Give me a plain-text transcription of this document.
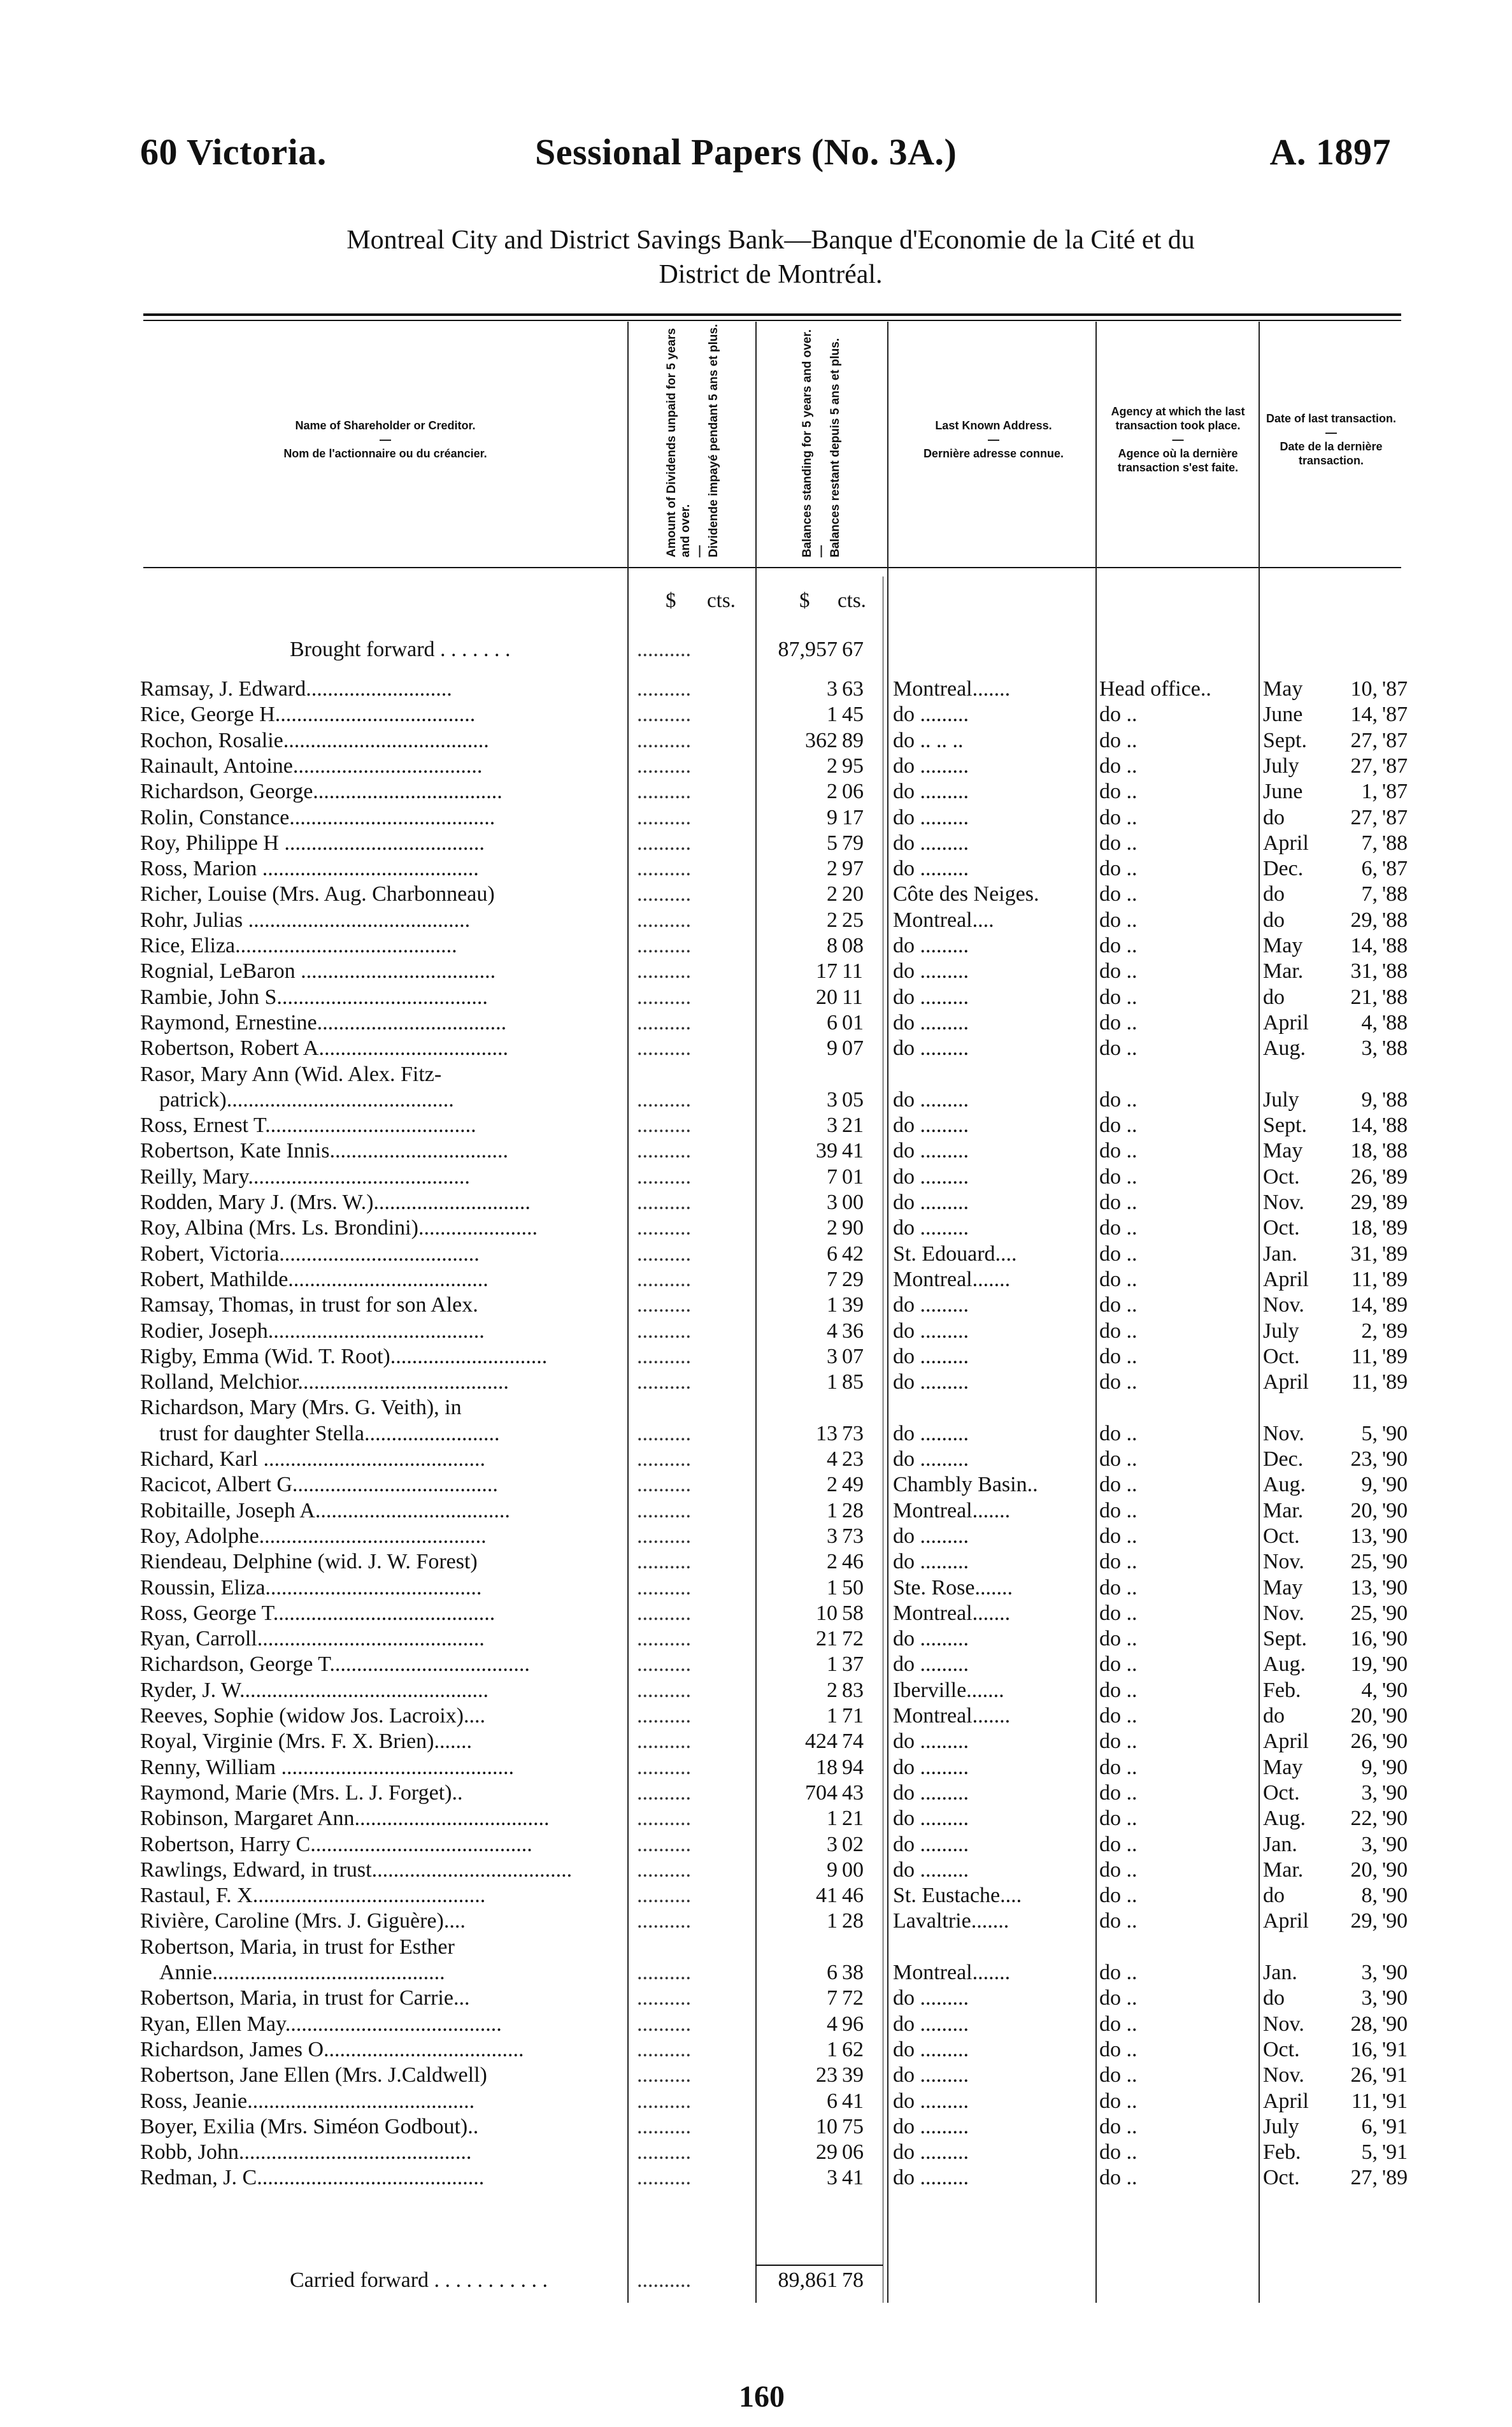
60 Victoria.	Sessional Papers (No. 3A.)	A. 1897
Montreal City and District Savings Bank—Banque d'Economie de la Cité et du
District de Montréal.
Name of Shareholder or Creditor.
—
Nom de l'actionnaire ou du créancier.
Amount of Dividends unpaid for 5 years and over.
—
Dividende impayé pendant 5 ans et plus.
Balances standing for 5 years and over.
—
Balances restant depuis 5 ans et plus.
Last Known Address.
—
Dernière adresse connue.
Agency at which the last transaction took place.
—
Agence où la dernière transaction s'est faite.
Date of last transaction.
—
Date de la dernière transaction.
$ cts.	$ cts.
Brought forward . . . . . . .	..........	87,957 67
Ramsay, J. Edward...........................	..........	3 63	Montreal.......	Head office..	May	10, '87
Rice, George H.....................................	..........	1 45	do .........	do ..	June	14, '87
Rochon, Rosalie......................................	..........	362 89	do .. .. ..	do ..	Sept.	27, '87
Rainault, Antoine...................................	..........	2 95	do .........	do ..	July	27, '87
Richardson, George...................................	..........	2 06	do .........	do ..	June	1, '87
Rolin, Constance......................................	..........	9 17	do .........	do ..	do	27, '87
Roy, Philippe H .....................................	..........	5 79	do .........	do ..	April	7, '88
Ross, Marion ........................................	..........	2 97	do .........	do ..	Dec.	6, '87
Richer, Louise (Mrs. Aug. Charbonneau)	..........	2 20	Côte des Neiges.	do ..	do	7, '88
Rohr, Julias .........................................	..........	2 25	Montreal....	do ..	do	29, '88
Rice, Eliza.........................................	..........	8 08	do .........	do ..	May	14, '88
Rognial, LeBaron ....................................	..........	17 11	do .........	do ..	Mar.	31, '88
Rambie, John S.......................................	..........	20 11	do .........	do ..	do	21, '88
Raymond, Ernestine...................................	..........	6 01	do .........	do ..	April	4, '88
Robertson, Robert A...................................	..........	9 07	do .........	do ..	Aug.	3, '88
Rasor, Mary Ann (Wid. Alex. Fitz-
patrick)..........................................	..........	3 05	do .........	do ..	July	9, '88
Ross, Ernest T.......................................	..........	3 21	do .........	do ..	Sept.	14, '88
Robertson, Kate Innis.................................	..........	39 41	do .........	do ..	May	18, '88
Reilly, Mary.........................................	..........	7 01	do .........	do ..	Oct.	26, '89
Rodden, Mary J. (Mrs. W.).............................	..........	3 00	do .........	do ..	Nov.	29, '89
Roy, Albina (Mrs. Ls. Brondini)......................	..........	2 90	do .........	do ..	Oct.	18, '89
Robert, Victoria.....................................	..........	6 42	St. Edouard....	do ..	Jan.	31, '89
Robert, Mathilde.....................................	..........	7 29	Montreal.......	do ..	April	11, '89
Ramsay, Thomas, in trust for son Alex.	..........	1 39	do .........	do ..	Nov.	14, '89
Rodier, Joseph........................................	..........	4 36	do .........	do ..	July	2, '89
Rigby, Emma (Wid. T. Root).............................	..........	3 07	do .........	do ..	Oct.	11, '89
Rolland, Melchior.......................................	..........	1 85	do .........	do ..	April	11, '89
Richardson, Mary (Mrs. G. Veith), in
trust for daughter Stella.........................	..........	13 73	do .........	do ..	Nov.	5, '90
Richard, Karl .........................................	..........	4 23	do .........	do ..	Dec.	23, '90
Racicot, Albert G......................................	..........	2 49	Chambly Basin..	do ..	Aug.	9, '90
Robitaille, Joseph A....................................	..........	1 28	Montreal.......	do ..	Mar.	20, '90
Roy, Adolphe..........................................	..........	3 73	do .........	do ..	Oct.	13, '90
Riendeau, Delphine (wid. J. W. Forest)	..........	2 46	do .........	do ..	Nov.	25, '90
Roussin, Eliza........................................	..........	1 50	Ste. Rose.......	do ..	May	13, '90
Ross, George T.........................................	..........	10 58	Montreal.......	do ..	Nov.	25, '90
Ryan, Carroll..........................................	..........	21 72	do .........	do ..	Sept.	16, '90
Richardson, George T.....................................	..........	1 37	do .........	do ..	Aug.	19, '90
Ryder, J. W..............................................	..........	2 83	Iberville.......	do ..	Feb.	4, '90
Reeves, Sophie (widow Jos. Lacroix)....	..........	1 71	Montreal.......	do ..	do	20, '90
Royal, Virginie (Mrs. F. X. Brien).......	..........	424 74	do .........	do ..	April	26, '90
Renny, William ...........................................	..........	18 94	do .........	do ..	May	9, '90
Raymond, Marie (Mrs. L. J. Forget)..	..........	704 43	do .........	do ..	Oct.	3, '90
Robinson, Margaret Ann....................................	..........	1 21	do .........	do ..	Aug.	22, '90
Robertson, Harry C.........................................	..........	3 02	do .........	do ..	Jan.	3, '90
Rawlings, Edward, in trust.....................................	..........	9 00	do .........	do ..	Mar.	20, '90
Rastaul, F. X...........................................	..........	41 46	St. Eustache....	do ..	do	8, '90
Rivière, Caroline (Mrs. J. Giguère)....	..........	1 28	Lavaltrie.......	do ..	April	29, '90
Robertson, Maria, in trust for Esther
Annie...........................................	..........	6 38	Montreal.......	do ..	Jan.	3, '90
Robertson, Maria, in trust for Carrie...	..........	7 72	do .........	do ..	do	3, '90
Ryan, Ellen May........................................	..........	4 96	do .........	do ..	Nov.	28, '90
Richardson, James O.....................................	..........	1 62	do .........	do ..	Oct.	16, '91
Robertson, Jane Ellen (Mrs. J.Caldwell)	..........	23 39	do .........	do ..	Nov.	26, '91
Ross, Jeanie..........................................	..........	6 41	do .........	do ..	April	11, '91
Boyer, Exilia (Mrs. Siméon Godbout)..	..........	10 75	do .........	do ..	July	6, '91
Robb, John...........................................	..........	29 06	do .........	do ..	Feb.	5, '91
Redman, J. C..........................................	..........	3 41	do .........	do ..	Oct.	27, '89
Carried forward . . . . . . . . . . .	..........	89,861 78
160
